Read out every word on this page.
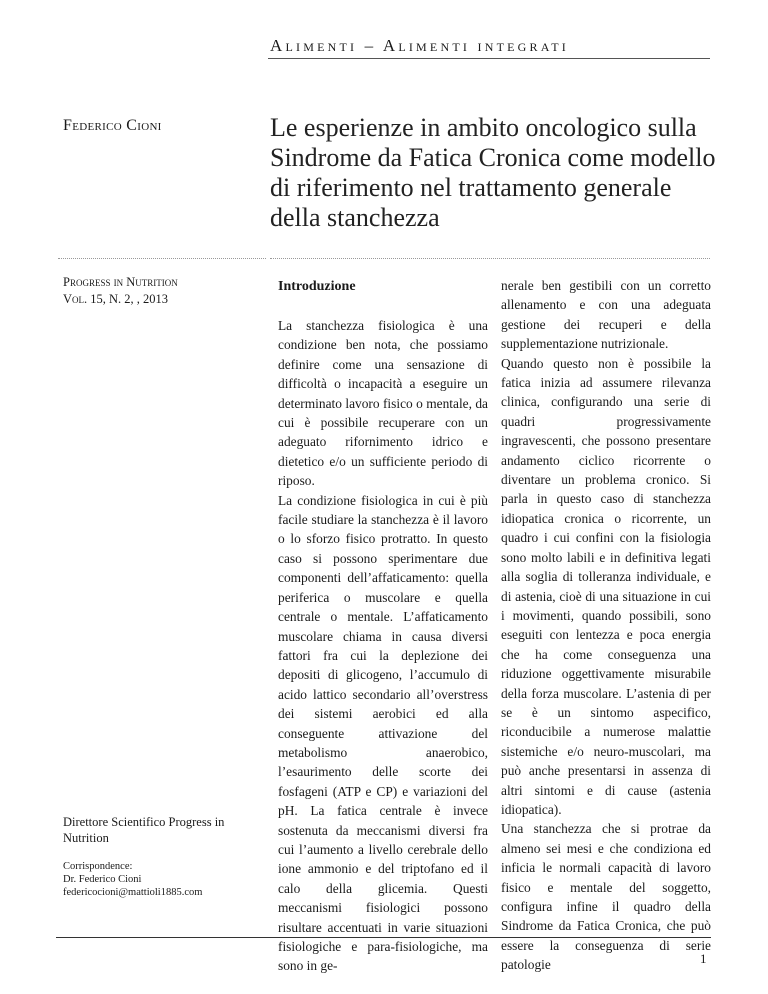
Alimenti – Alimenti integrati
Federico Cioni	Le esperienze in ambito oncologico sulla Sindrome da Fatica Cronica come modello di riferimento nel trattamento generale della stanchezza
Progress in Nutrition
Vol. 15, N. 2, , 2013
Direttore Scientifico Progress in Nutrition
Corrispondence:
Dr. Federico Cioni
federicocioni@mattioli1885.com
Introduzione

La stanchezza fisiologica è una condizione ben nota, che possiamo definire come una sensazione di difficoltà o incapacità a eseguire un determinato lavoro fisico o mentale, da cui è possibile recuperare con un adeguato rifornimento idrico e dietetico e/o un sufficiente periodo di riposo.

La condizione fisiologica in cui è più facile studiare la stanchezza è il lavoro o lo sforzo fisico protratto. In questo caso si possono sperimentare due componenti dell’affaticamento: quella periferica o muscolare e quella centrale o mentale. L’affaticamento muscolare chiama in causa diversi fattori fra cui la deplezione dei depositi di glicogeno, l’accumulo di acido lattico secondario all’overstress dei sistemi aerobici ed alla conseguente attivazione del metabolismo anaerobico, l’esaurimento delle scorte dei fosfageni (ATP e CP) e variazioni del pH. La fatica centrale è invece sostenuta da meccanismi diversi fra cui l’aumento a livello cerebrale dello ione ammonio e del triptofano ed il calo della glicemia. Questi meccanismi fisiologici possono risultare accentuati in varie situazioni fisiologiche e para-fisiologiche, ma sono in ge-

nerale ben gestibili con un corretto allenamento e con una adeguata gestione dei recuperi e della supplementazione nutrizionale.

Quando questo non è possibile la fatica inizia ad assumere rilevanza clinica, configurando una serie di quadri progressivamente ingravescenti, che possono presentare andamento ciclico ricorrente o diventare un problema cronico. Si parla in questo caso di stanchezza idiopatica cronica o ricorrente, un quadro i cui confini con la fisiologia sono molto labili e in definitiva legati alla soglia di tolleranza individuale, e di astenia, cioè di una situazione in cui i movimenti, quando possibili, sono eseguiti con lentezza e poca energia che ha come conseguenza una riduzione oggettivamente misurabile della forza muscolare. L’astenia di per se è un sintomo aspecifico, riconducibile a numerose malattie sistemiche e/o neuro-muscolari, ma può anche presentarsi in assenza di altri sintomi e di cause (astenia idiopatica).

Una stanchezza che si protrae da almeno sei mesi e che condiziona ed inficia le normali capacità di lavoro fisico e mentale del soggetto, configura infine il quadro della Sindrome da Fatica Cronica, che può essere la conseguenza di serie patologie	1
